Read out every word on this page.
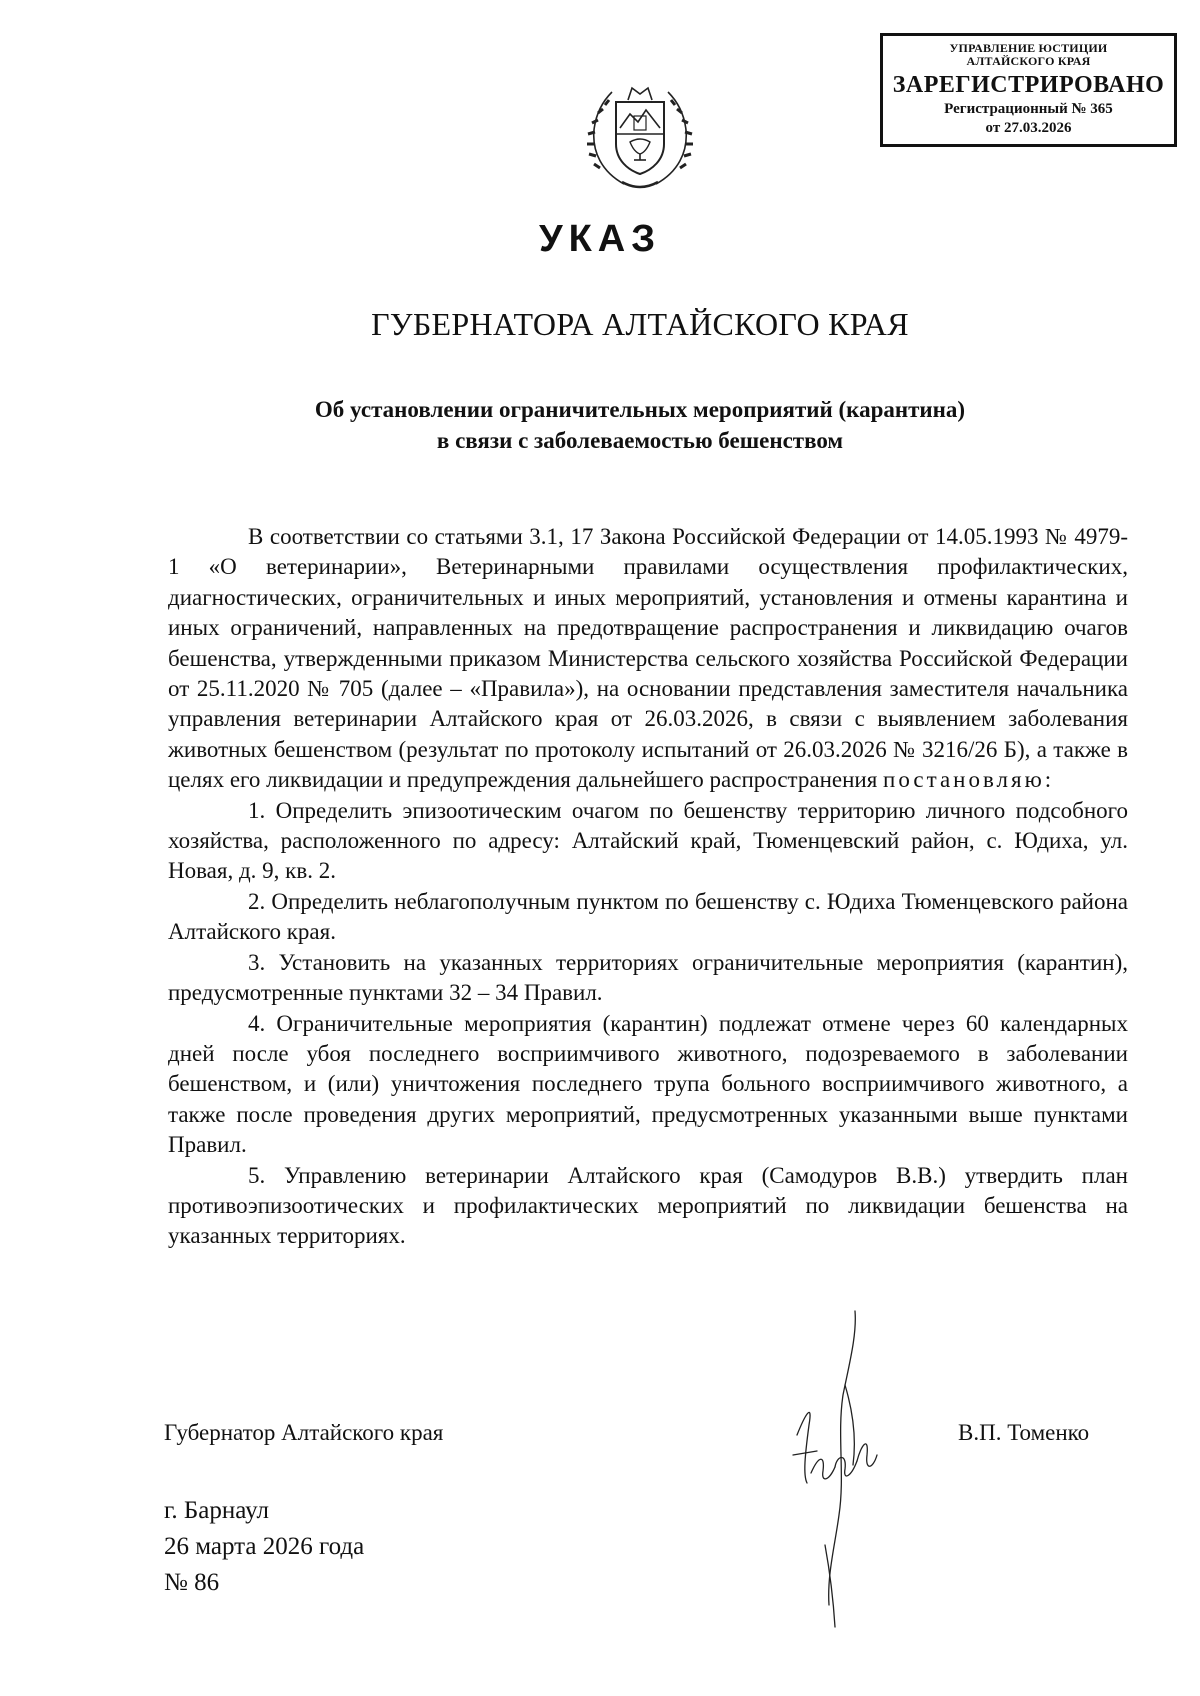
УПРАВЛЕНИЕ ЮСТИЦИИ
АЛТАЙСКОГО КРАЯ
ЗАРЕГИСТРИРОВАНО
Регистрационный № 365
от 27.03.2026
УКАЗ
ГУБЕРНАТОРА АЛТАЙСКОГО КРАЯ
Об установлении ограничительных мероприятий (карантина)
в связи с заболеваемостью бешенством

В соответствии со статьями 3.1, 17 Закона Российской Федерации от 14.05.1993 № 4979-1 «О ветеринарии», Ветеринарными правилами осуществления профилактических, диагностических, ограничительных и иных мероприятий, установления и отмены карантина и иных ограничений, направленных на предотвращение распространения и ликвидацию очагов бешенства, утвержденными приказом Министерства сельского хозяйства Российской Федерации от 25.11.2020 № 705 (далее – «Правила»), на основании представления заместителя начальника управления ветеринарии Алтайского края от 26.03.2026, в связи с выявлением заболевания животных бешенством (результат по протоколу испытаний от 26.03.2026 № 3216/26 Б), а также в целях его ликвидации и предупреждения дальнейшего распространения постановляю:

1. Определить эпизоотическим очагом по бешенству территорию личного подсобного хозяйства, расположенного по адресу: Алтайский край, Тюменцевский район, с. Юдиха, ул. Новая, д. 9, кв. 2.

2. Определить неблагополучным пунктом по бешенству с. Юдиха Тюменцевского района Алтайского края.

3. Установить на указанных территориях ограничительные мероприятия (карантин), предусмотренные пунктами 32 – 34 Правил.

4. Ограничительные мероприятия (карантин) подлежат отмене через 60 календарных дней после убоя последнего восприимчивого животного, подозреваемого в заболевании бешенством, и (или) уничтожения последнего трупа больного восприимчивого животного, а также после проведения других мероприятий, предусмотренных указанными выше пунктами Правил.

5. Управлению ветеринарии Алтайского края (Самодуров В.В.) утвердить план противоэпизоотических и профилактических мероприятий по ликвидации бешенства на указанных территориях.

Губернатор Алтайского края	В.П. Томенко
г. Барнаул
26 марта 2026 года
№ 86
